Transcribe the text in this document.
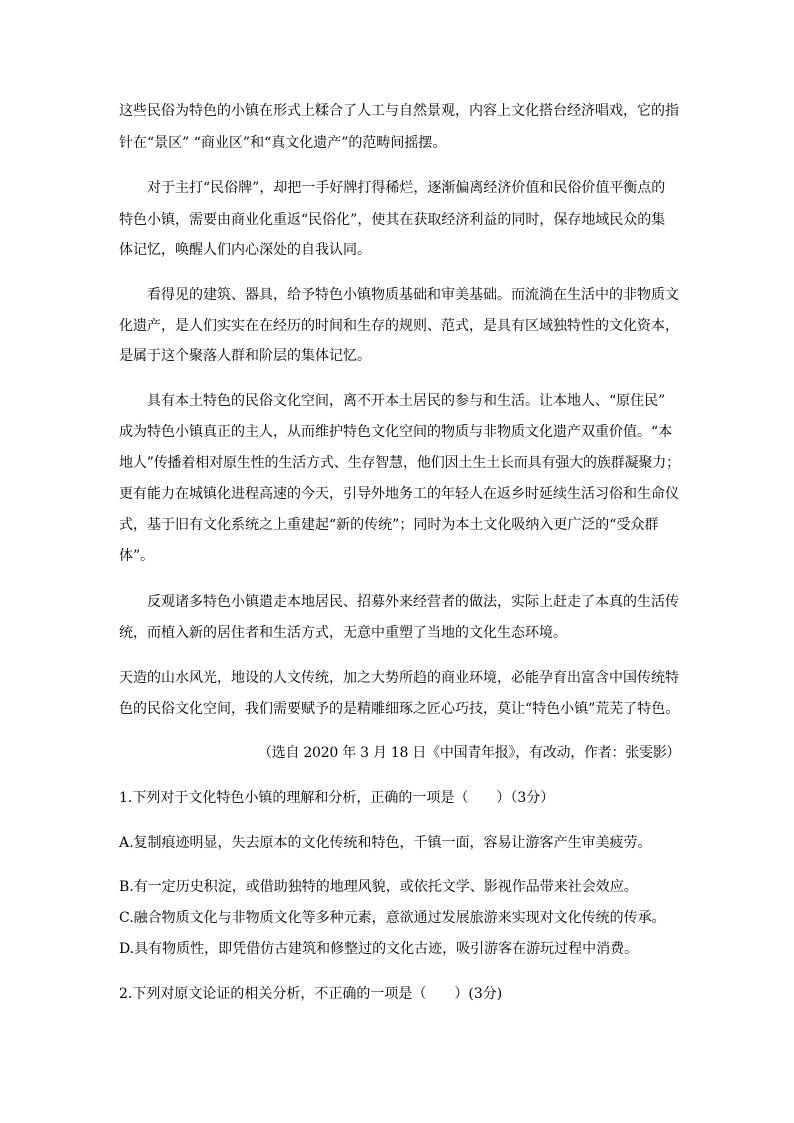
这些民俗为特色的小镇在形式上糅合了人工与自然景观，内容上文化搭台经济唱戏，它的指
针在“景区” “商业区”和“真文化遗产”的范畴间摇摆。
对于主打“民俗牌”，却把一手好牌打得稀烂，逐渐偏离经济价值和民俗价值平衡点的
特色小镇，需要由商业化重返“民俗化”，使其在获取经济利益的同时，保存地域民众的集
体记忆，唤醒人们内心深处的自我认同。
看得见的建筑、器具，给予特色小镇物质基础和审美基础。而流淌在生活中的非物质文
化遗产，是人们实实在在经历的时间和生存的规则、范式，是具有区域独特性的文化资本，
是属于这个聚落人群和阶层的集体记忆。
具有本土特色的民俗文化空间，离不开本土居民的参与和生活。让本地人、“原住民”
成为特色小镇真正的主人，从而维护特色文化空间的物质与非物质文化遗产双重价值。“本
地人”传播着相对原生性的生活方式、生存智慧，他们因土生土长而具有强大的族群凝聚力；
更有能力在城镇化进程高速的今天，引导外地务工的年轻人在返乡时延续生活习俗和生命仪
式，基于旧有文化系统之上重建起“新的传统”；同时为本土文化吸纳入更广泛的“受众群
体”。
反观诸多特色小镇遣走本地居民、招募外来经营者的做法，实际上赶走了本真的生活传
统，而植入新的居住者和生活方式，无意中重塑了当地的文化生态环境。
天造的山水风光，地设的人文传统，加之大势所趋的商业环境，必能孕育出富含中国传统特
色的民俗文化空间，我们需要赋予的是精雕细琢之匠心巧技，莫让“特色小镇”荒芜了特色。
（选自 2020 年 3 月 18 日《中国青年报》，有改动，作者：张雯影）
1.下列对于文化特色小镇的理解和分析，正确的一项是（　　）（3分）
A.复制痕迹明显，失去原本的文化传统和特色，千镇一面，容易让游客产生审美疲劳。
B.有一定历史积淀，或借助独特的地理风貌，或依托文学、影视作品带来社会效应。
C.融合物质文化与非物质文化等多种元素，意欲通过发展旅游来实现对文化传统的传承。
D.具有物质性，即凭借仿古建筑和修整过的文化古迹，吸引游客在游玩过程中消费。
2.下列对原文论证的相关分析，不正确的一项是（　　）(3分)
